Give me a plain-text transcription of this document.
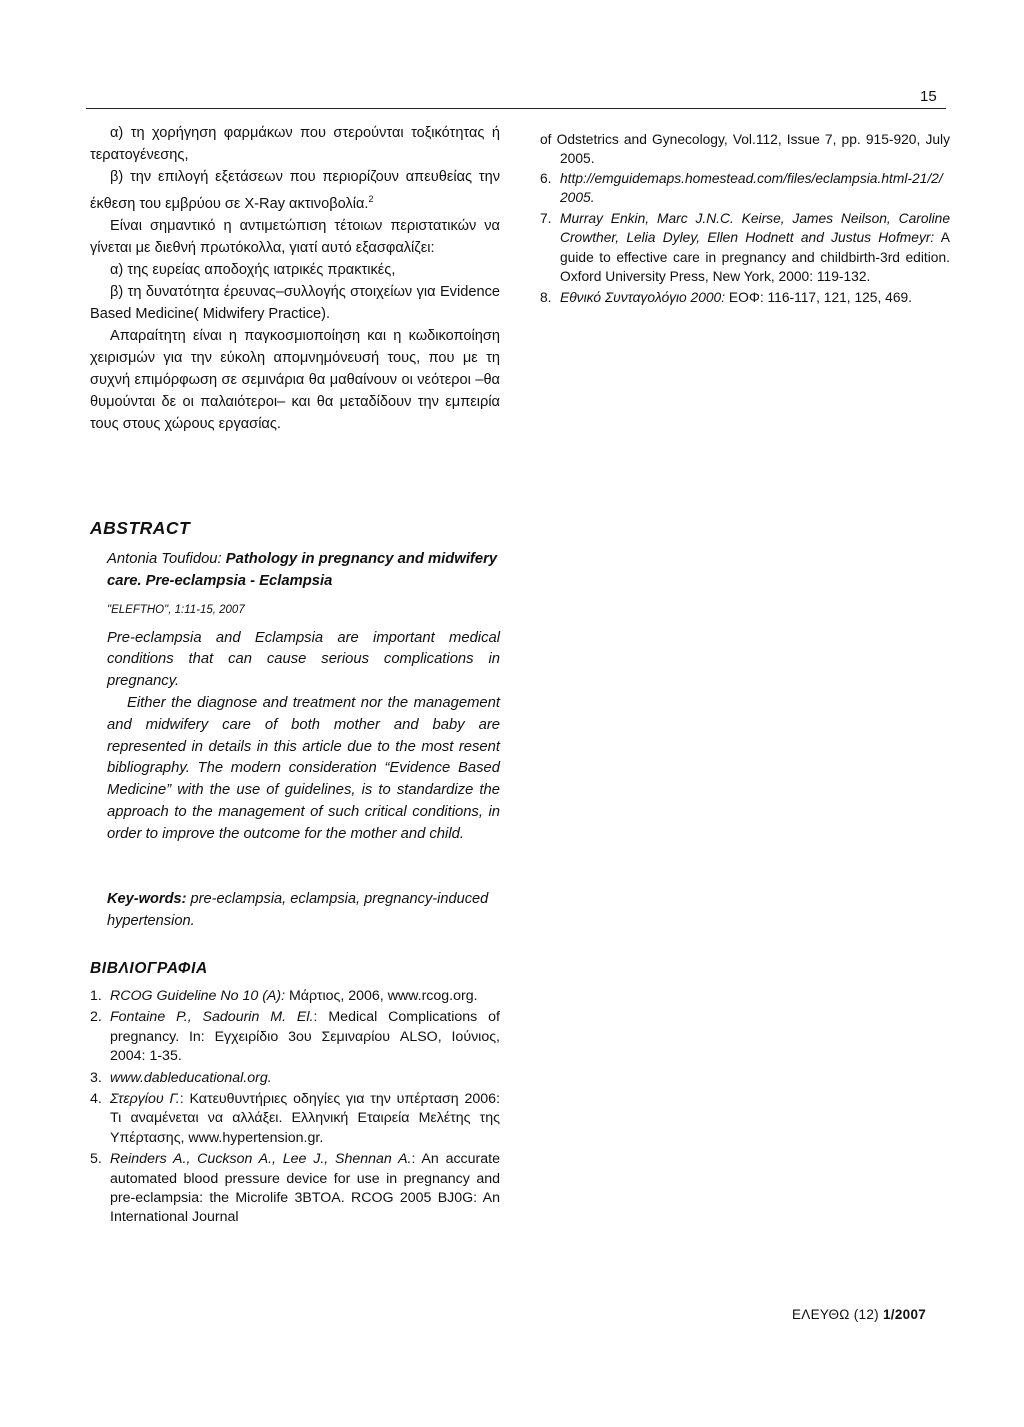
15

α) τη χορήγηση φαρμάκων που στερούνται τοξικότητας ή τερατογένεσης,

β) την επιλογή εξετάσεων που περιορίζουν απευθείας την έκθεση του εμβρύου σε X-Ray ακτινοβολία.$^2$

Είναι σημαντικό η αντιμετώπιση τέτοιων περιστατικών να γίνεται με διεθνή πρωτόκολλα, γιατί αυτό εξασφαλίζει:

α) της ευρείας αποδοχής ιατρικές πρακτικές,

β) τη δυνατότητα έρευνας–συλλογής στοιχείων για Evidence Based Medicine( Midwifery Practice).

Απαραίτητη είναι η παγκοσμιοποίηση και η κωδικοποίηση χειρισμών για την εύκολη απομνημόνευσή τους, που με τη συχνή επιμόρφωση σε σεμινάρια θα μαθαίνουν οι νεότεροι –θα θυμούνται δε οι παλαιότεροι– και θα μεταδίδουν την εμπειρία τους στους χώρους εργασίας.

ABSTRACT

Antonia Toufidou: Pathology in pregnancy and midwifery care. Pre-eclampsia - Eclampsia

"ELEFTHO", 1:11-15, 2007

Pre-eclampsia and Eclampsia are important medical conditions that can cause serious complications in pregnancy.

Either the diagnose and treatment nor the management and midwifery care of both mother and baby are represented in details in this article due to the most resent bibliography. The modern consideration “Evidence Based Medicine” with the use of guidelines, is to standardize the approach to the management of such critical conditions, in order to improve the outcome for the mother and child.

Key-words: pre-eclampsia, eclampsia, pregnancy-induced hypertension.
ΒΙΒΛΙΟΓΡΑΦΙΑ
1. RCOG Guideline No 10 (A): Μάρτιος, 2006, www.rcog.org.
2. Fontaine P., Sadourin M. El.: Medical Complications of pregnancy. In: Εγχειρίδιο 3ου Σεμιναρίου ALSO, Ιούνιος, 2004: 1-35.
3. www.dableducational.org.
4. Στεργίου Γ.: Κατευθυντήριες οδηγίες για την υπέρταση 2006: Τι αναμένεται να αλλάξει. Ελληνική Εταιρεία Μελέτης της Υπέρτασης, www.hypertension.gr.
5. Reinders A., Cuckson A., Lee J., Shennan A.: An accurate automated blood pressure device for use in pregnancy and pre-eclampsia: the Microlife 3BTOA. RCOG 2005 BJ0G: An International Journal

of Odstetrics and Gynecology, Vol.112, Issue 7, pp. 915-920, July 2005.

6. http://emguidemaps.homestead.com/files/eclampsia.html-21/2/2005.
7. Murray Enkin, Marc J.N.C. Keirse, James Neilson, Caroline Crowther, Lelia Dyley, Ellen Hodnett and Justus Hofmeyr: A guide to effective care in pregnancy and childbirth-3rd edition. Oxford University Press, New York, 2000: 119-132.
8. Εθνικό Συνταγολόγιο 2000: ΕΟΦ: 116-117, 121, 125, 469.
ΕΛΕΥΘΩ (12) 1/2007
